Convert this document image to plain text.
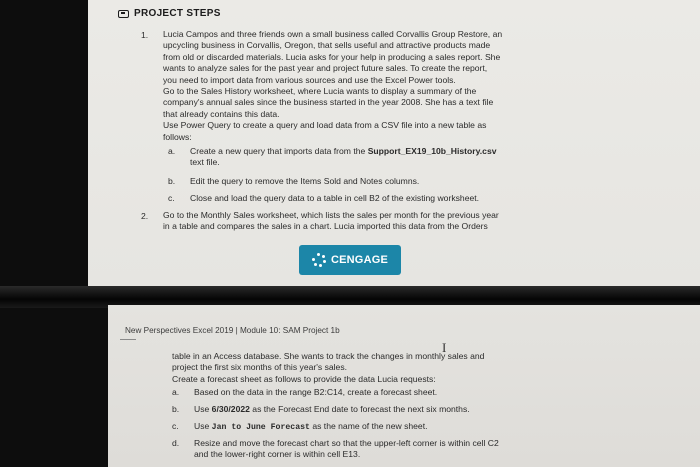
PROJECT STEPS
1. Lucia Campos and three friends own a small business called Corvallis Group Restore, an
upcycling business in Corvallis, Oregon, that sells useful and attractive products made
from old or discarded materials. Lucia asks for your help in producing a sales report. She
wants to analyze sales for the past year and project future sales. To create the report,
you need to import data from various sources and use the Excel Power tools.
Go to the Sales History worksheet, where Lucia wants to display a summary of the
company's annual sales since the business started in the year 2008. She has a text file
that already contains this data.
Use Power Query to create a query and load data from a CSV file into a new table as
follows:
a.	Create a new query that imports data from the Support_EX19_10b_History.csv
text file.
b.	Edit the query to remove the Items Sold and Notes columns.
c.	Close and load the query data to a table in cell B2 of the existing worksheet.
2. Go to the Monthly Sales worksheet, which lists the sales per month for the previous year
in a table and compares the sales in a chart. Lucia imported this data from the Orders
CENGAGE
New Perspectives Excel 2019 | Module 10: SAM Project 1b
I
table in an Access database. She wants to track the changes in monthly sales and
project the first six months of this year's sales.
Create a forecast sheet as follows to provide the data Lucia requests:
a.	Based on the data in the range B2:C14, create a forecast sheet.
b.	Use 6/30/2022 as the Forecast End date to forecast the next six months.
c.	Use Jan to June Forecast as the name of the new sheet.
d.	Resize and move the forecast chart so that the upper-left corner is within cell C2
and the lower-right corner is within cell E13.
